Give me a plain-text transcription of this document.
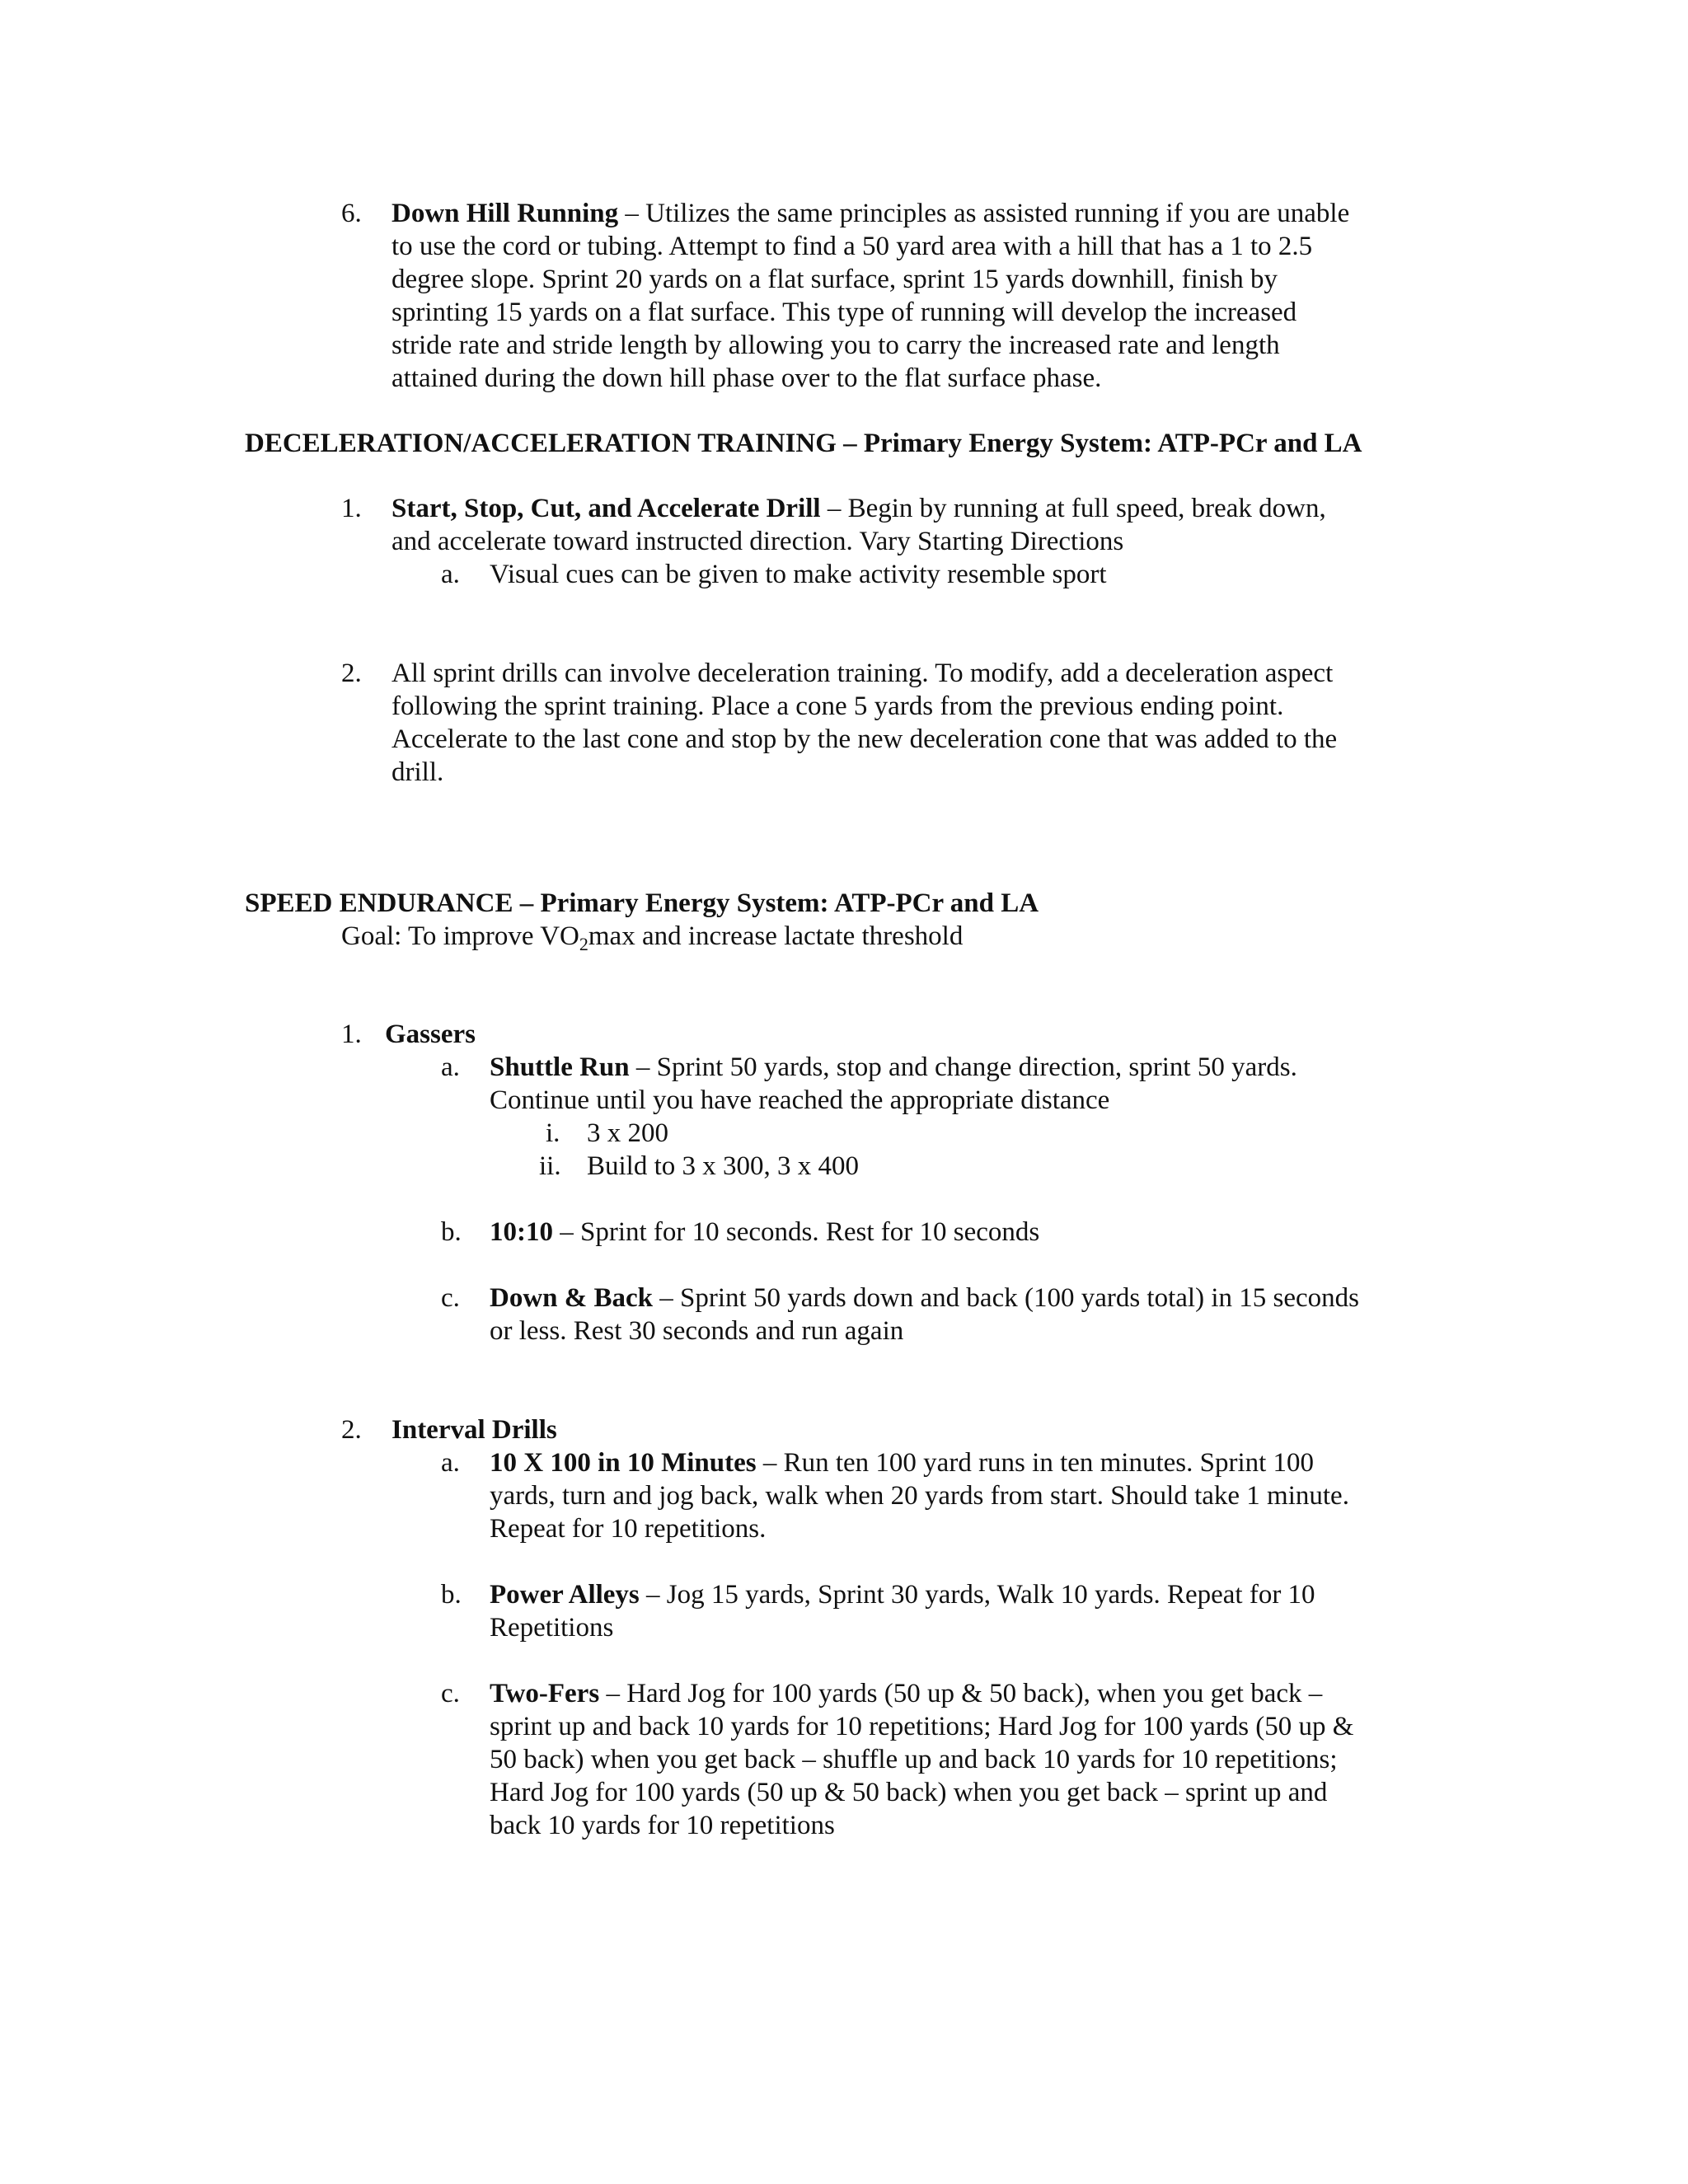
6. Down Hill Running – Utilizes the same principles as assisted running if you are unable
to use the cord or tubing. Attempt to find a 50 yard area with a hill that has a 1 to 2.5
degree slope. Sprint 20 yards on a flat surface, sprint 15 yards downhill, finish by
sprinting 15 yards on a flat surface. This type of running will develop the increased
stride rate and stride length by allowing you to carry the increased rate and length
attained during the down hill phase over to the flat surface phase.
DECELERATION/ACCELERATION TRAINING – Primary Energy System: ATP-PCr and LA
1. Start, Stop, Cut, and Accelerate Drill – Begin by running at full speed, break down,
and accelerate toward instructed direction. Vary Starting Directions
a. Visual cues can be given to make activity resemble sport
2. All sprint drills can involve deceleration training. To modify, add a deceleration aspect
following the sprint training. Place a cone 5 yards from the previous ending point.
Accelerate to the last cone and stop by the new deceleration cone that was added to the
drill.
SPEED ENDURANCE – Primary Energy System: ATP-PCr and LA
Goal: To improve $VO_2\max$ and increase lactate threshold
1. Gassers
a. Shuttle Run – Sprint 50 yards, stop and change direction, sprint 50 yards.
Continue until you have reached the appropriate distance
i. 3 x 200
ii. Build to 3 x 300, 3 x 400
b. 10:10 – Sprint for 10 seconds. Rest for 10 seconds
c. Down & Back – Sprint 50 yards down and back (100 yards total) in 15 seconds
or less. Rest 30 seconds and run again
2. Interval Drills
a. 10 X 100 in 10 Minutes – Run ten 100 yard runs in ten minutes. Sprint 100
yards, turn and jog back, walk when 20 yards from start. Should take 1 minute.
Repeat for 10 repetitions.
b. Power Alleys – Jog 15 yards, Sprint 30 yards, Walk 10 yards. Repeat for 10
Repetitions
c. Two-Fers – Hard Jog for 100 yards (50 up & 50 back), when you get back –
sprint up and back 10 yards for 10 repetitions; Hard Jog for 100 yards (50 up &
50 back) when you get back – shuffle up and back 10 yards for 10 repetitions;
Hard Jog for 100 yards (50 up & 50 back) when you get back – sprint up and
back 10 yards for 10 repetitions
